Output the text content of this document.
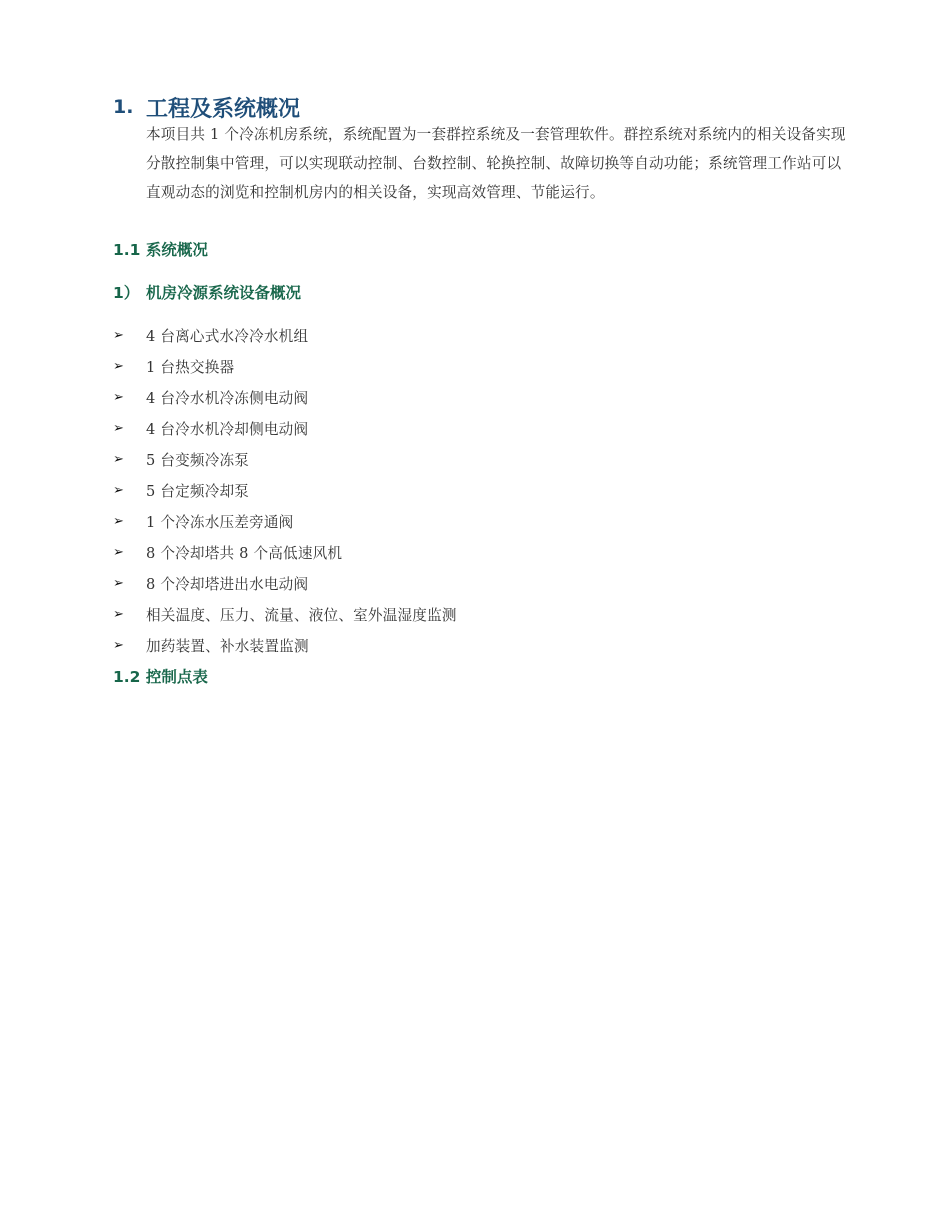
1. 工程及系统概况

本项目共 1 个冷冻机房系统，系统配置为一套群控系统及一套管理软件。群控系统对系统内的相关设备实现分散控制集中管理，可以实现联动控制、台数控制、轮换控制、故障切换等自动功能；系统管理工作站可以直观动态的浏览和控制机房内的相关设备，实现高效管理、节能运行。

1.1 系统概况
1） 机房冷源系统设备概况
➢	4 台离心式水冷冷水机组
➢	1 台热交换器
➢	4 台冷水机冷冻侧电动阀
➢	4 台冷水机冷却侧电动阀
➢	5 台变频冷冻泵
➢	5 台定频冷却泵
➢	1 个冷冻水压差旁通阀
➢	8 个冷却塔共 8 个高低速风机
➢	8 个冷却塔进出水电动阀
➢	相关温度、压力、流量、液位、室外温湿度监测
➢	加药装置、补水装置监测
1.2 控制点表
